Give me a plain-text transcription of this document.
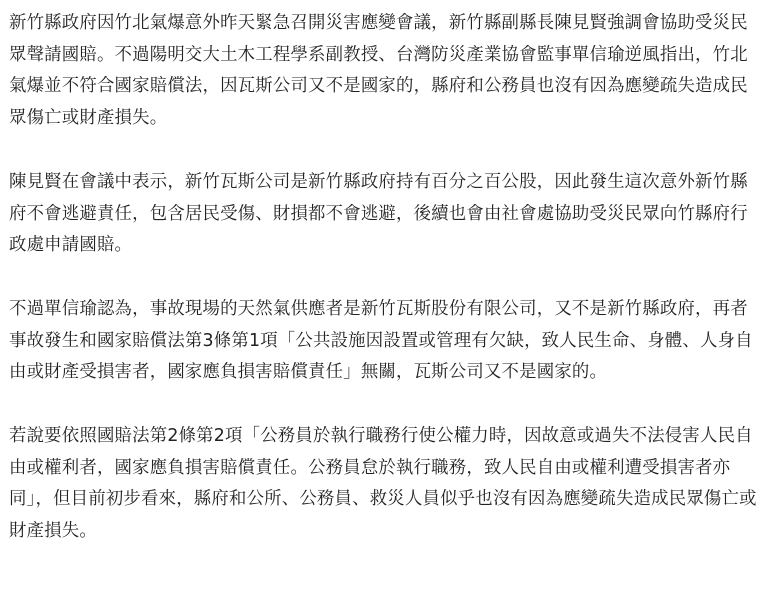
新竹縣政府因竹北氣爆意外昨天緊急召開災害應變會議，新竹縣副縣長陳見賢強調會協助受災民眾聲請國賠。不過陽明交大土木工程學系副教授、台灣防災產業協會監事單信瑜逆風指出，竹北氣爆並不符合國家賠償法，因瓦斯公司又不是國家的，縣府和公務員也沒有因為應變疏失造成民眾傷亡或財產損失。

陳見賢在會議中表示，新竹瓦斯公司是新竹縣政府持有百分之百公股，因此發生這次意外新竹縣府不會逃避責任，包含居民受傷、財損都不會逃避，後續也會由社會處協助受災民眾向竹縣府行政處申請國賠。

不過單信瑜認為，事故現場的天然氣供應者是新竹瓦斯股份有限公司，又不是新竹縣政府，再者事故發生和國家賠償法第3條第1項「公共設施因設置或管理有欠缺，致人民生命、身體、人身自由或財產受損害者，國家應負損害賠償責任」無關，瓦斯公司又不是國家的。

若說要依照國賠法第2條第2項「公務員於執行職務行使公權力時，因故意或過失不法侵害人民自由或權利者，國家應負損害賠償責任。公務員怠於執行職務，致人民自由或權利遭受損害者亦同」，但目前初步看來，縣府和公所、公務員、救災人員似乎也沒有因為應變疏失造成民眾傷亡或財產損失。
